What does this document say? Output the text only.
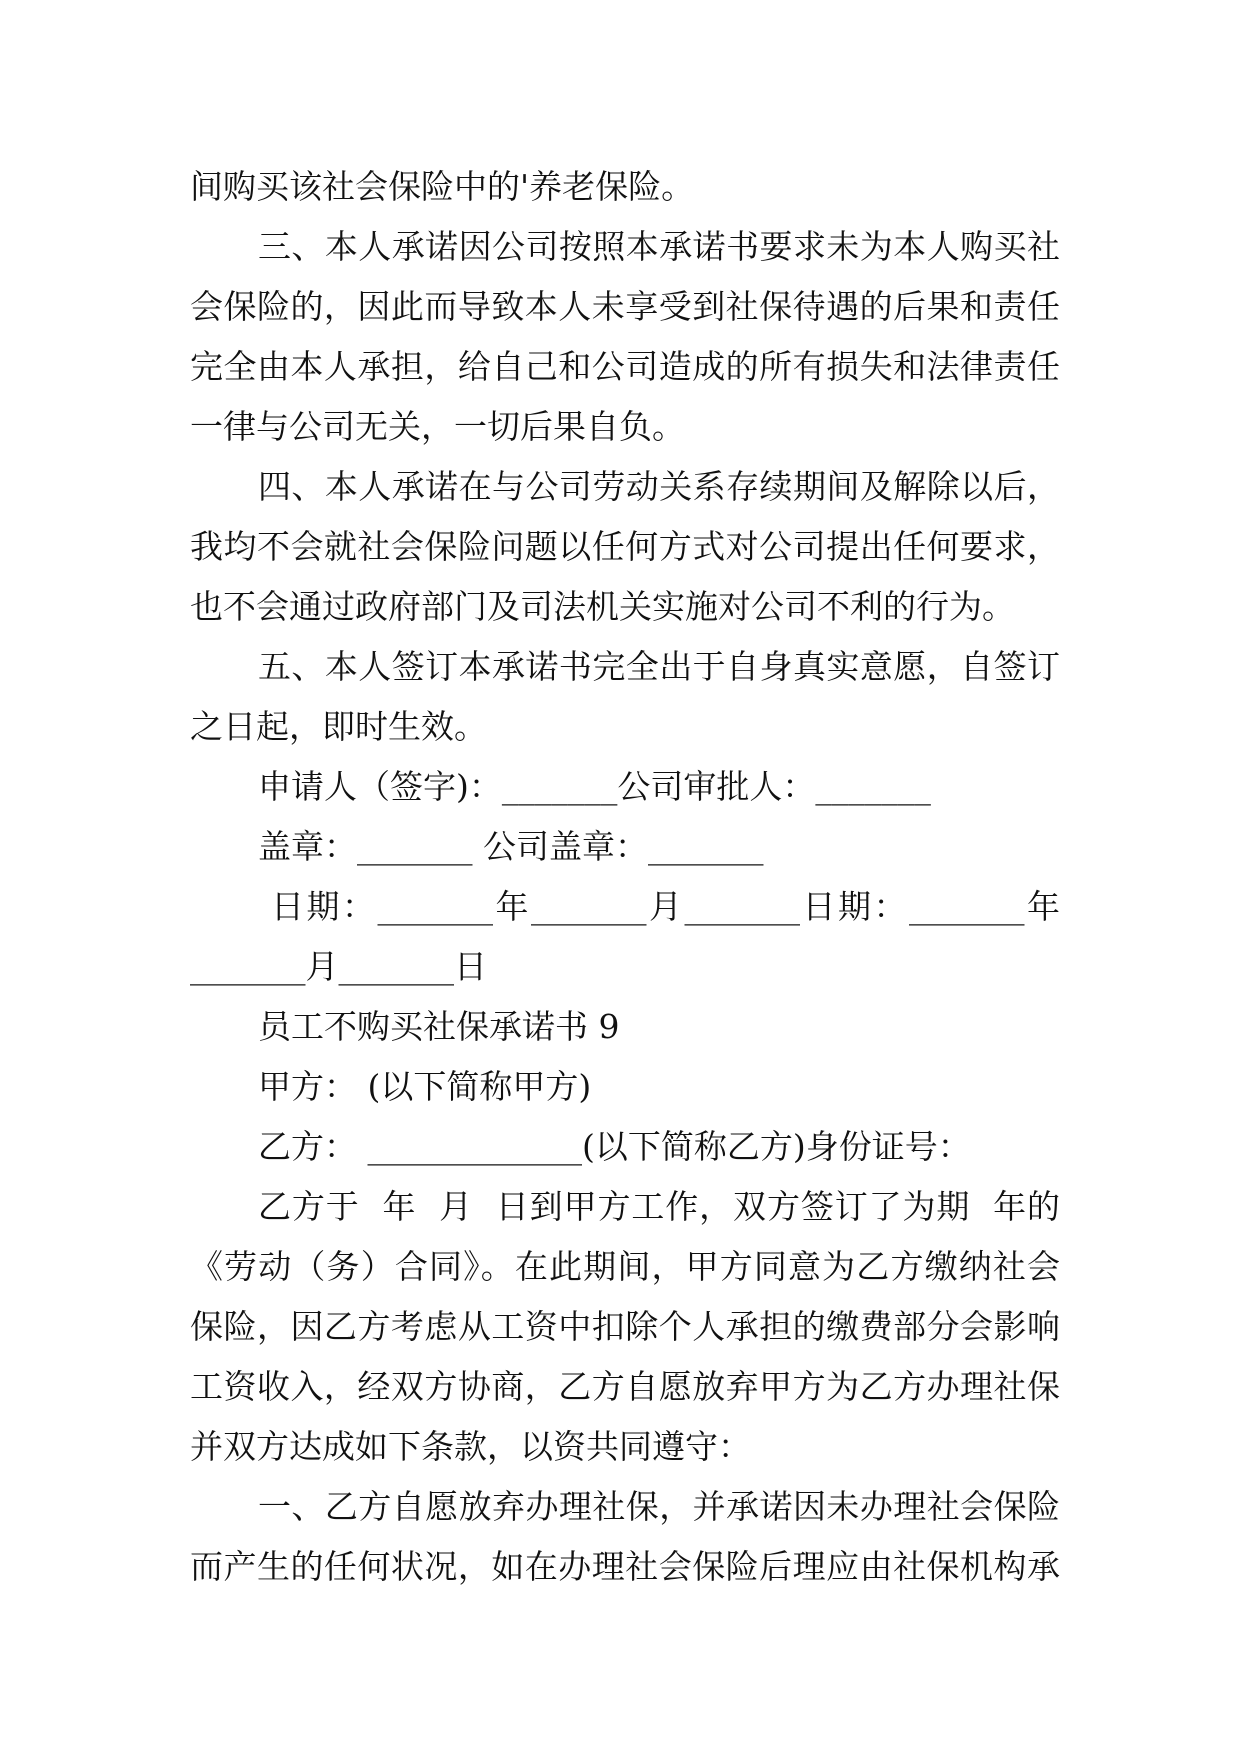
间购买该社会保险中的'养老保险。
三、本人承诺因公司按照本承诺书要求未为本人购买社
会保险的，因此而导致本人未享受到社保待遇的后果和责任
完全由本人承担，给自己和公司造成的所有损失和法律责任
一律与公司无关，一切后果自负。
四、本人承诺在与公司劳动关系存续期间及解除以后，
我均不会就社会保险问题以任何方式对公司提出任何要求，
也不会通过政府部门及司法机关实施对公司不利的行为。
五、本人签订本承诺书完全出于自身真实意愿，自签订
之日起，即时生效。
申请人（签字)：_______公司审批人：_______
盖章：_______ 公司盖章：_______
日期：_______年_______月_______日期：_______年
_______月_______日
员工不购买社保承诺书 9
甲方： (以下简称甲方)
乙方： _____________(以下简称乙方)身份证号：
乙方于  年  月  日到甲方工作，双方签订了为期  年的
《劳动（务）合同》。在此期间，甲方同意为乙方缴纳社会
保险，因乙方考虑从工资中扣除个人承担的缴费部分会影响
工资收入，经双方协商，乙方自愿放弃甲方为乙方办理社保
并双方达成如下条款，以资共同遵守：
一、乙方自愿放弃办理社保，并承诺因未办理社会保险
而产生的任何状况，如在办理社会保险后理应由社保机构承
